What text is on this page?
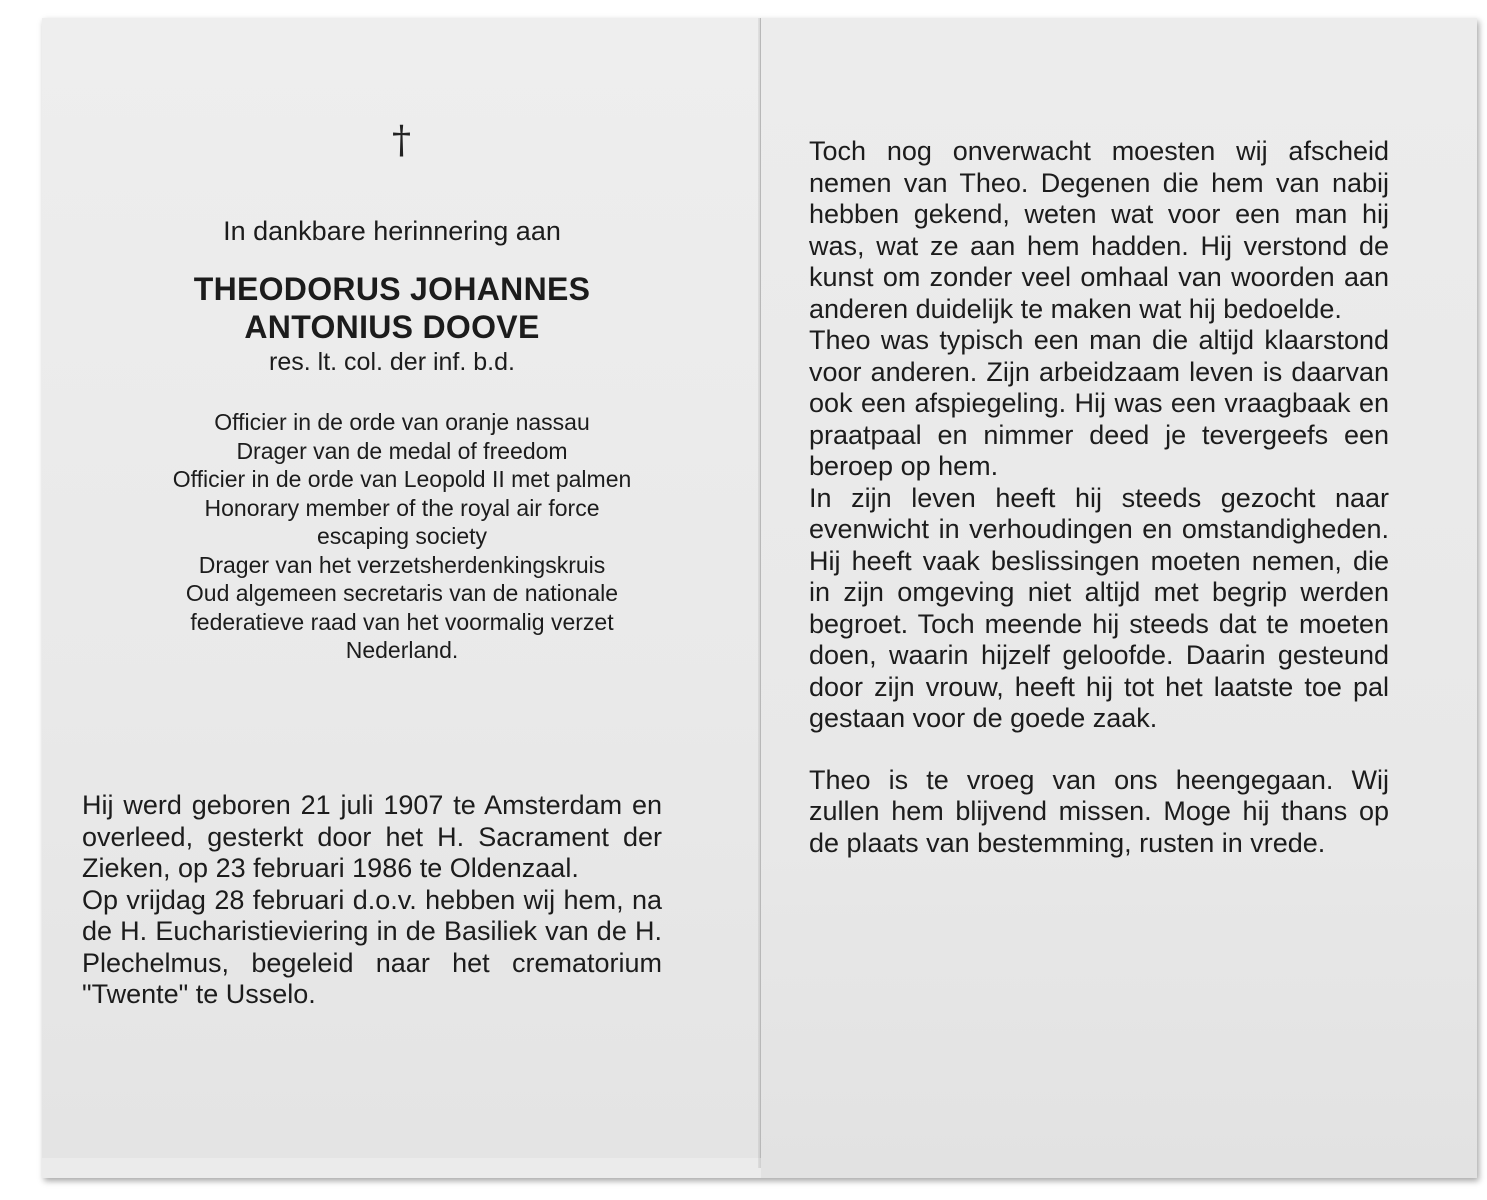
†
In dankbare herinnering aan
THEODORUS JOHANNES
ANTONIUS DOOVE
res. lt. col. der inf. b.d.
Officier in de orde van oranje nassau
Drager van de medal of freedom
Officier in de orde van Leopold II met palmen
Honorary member of the royal air force
escaping society
Drager van het verzetsherdenkingskruis
Oud algemeen secretaris van de nationale
federatieve raad van het voormalig verzet
Nederland.

Hij werd geboren 21 juli 1907 te Amsterdam en overleed, gesterkt door het H. Sacrament der Zieken, op 23 februari 1986 te Oldenzaal.

Op vrijdag 28 februari d.o.v. hebben wij hem, na de H. Eucharistieviering in de Basiliek van de H. Plechelmus, begeleid naar het crematorium "Twente" te Usselo.

Toch nog onverwacht moesten wij afscheid nemen van Theo. Degenen die hem van nabij hebben gekend, weten wat voor een man hij was, wat ze aan hem hadden. Hij verstond de kunst om zonder veel omhaal van woorden aan anderen duidelijk te maken wat hij bedoelde.

Theo was typisch een man die altijd klaarstond voor anderen. Zijn arbeidzaam leven is daarvan ook een afspiegeling. Hij was een vraagbaak en praatpaal en nimmer deed je tevergeefs een beroep op hem.

In zijn leven heeft hij steeds gezocht naar evenwicht in verhoudingen en omstandigheden. Hij heeft vaak beslissingen moeten nemen, die in zijn omgeving niet altijd met begrip werden begroet. Toch meende hij steeds dat te moeten doen, waarin hijzelf geloofde. Daarin gesteund door zijn vrouw, heeft hij tot het laatste toe pal gestaan voor de goede zaak.

Theo is te vroeg van ons heengegaan. Wij zullen hem blijvend missen. Moge hij thans op de plaats van bestemming, rusten in vrede.
